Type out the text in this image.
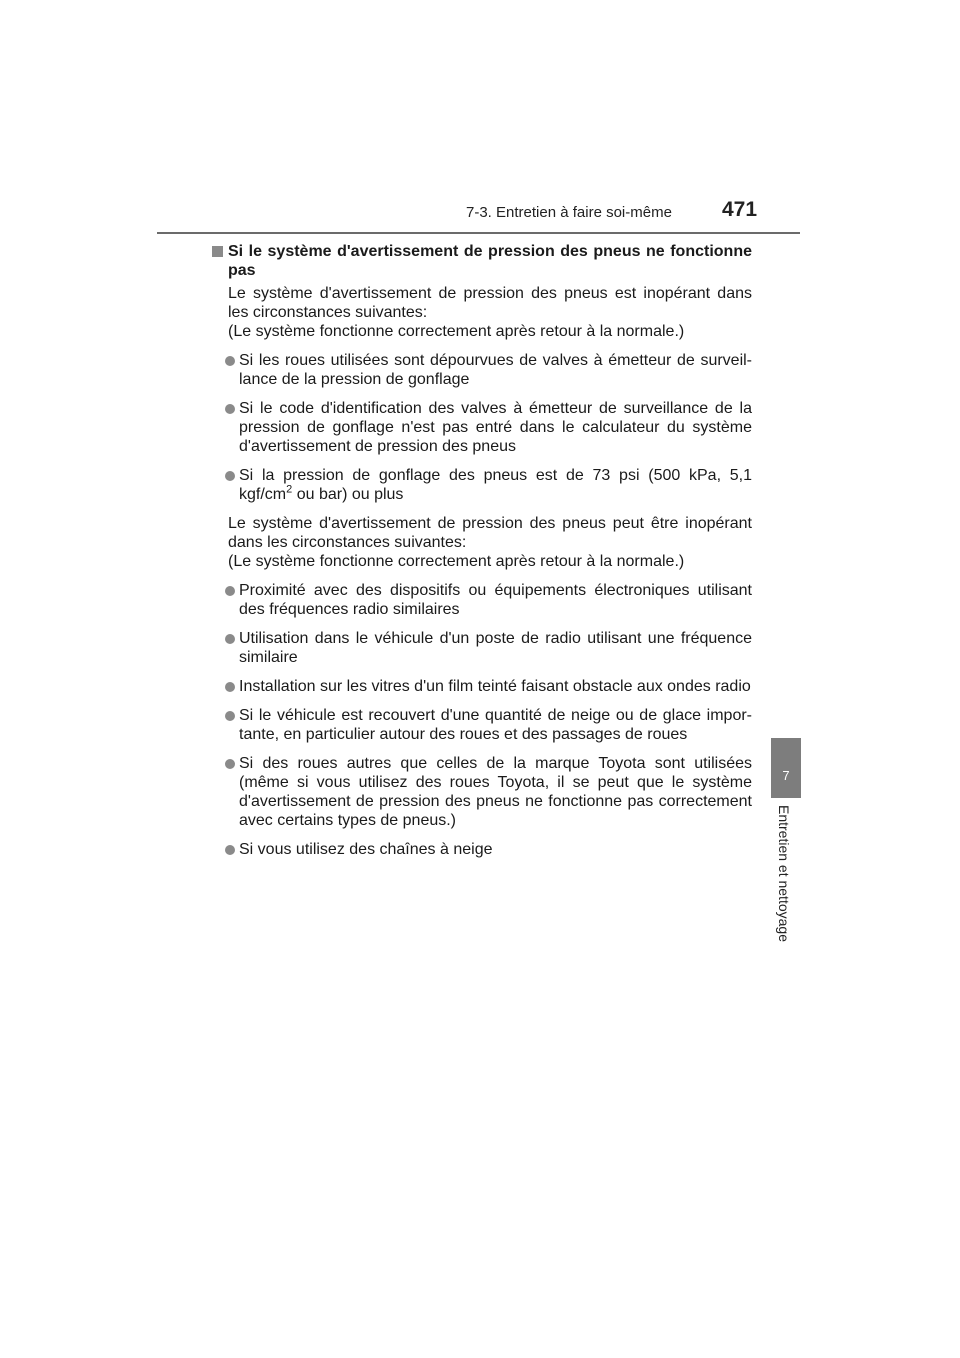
7-3. Entretien à faire soi-même 471
7
Entretien et nettoyage
Si le système d'avertissement de pression des pneus ne fonctionne pas
Le système d'avertissement de pression des pneus est inopérant dans les circonstances suivantes:
(Le système fonctionne correctement après retour à la normale.)
Si les roues utilisées sont dépourvues de valves à émetteur de surveil-lance de la pression de gonflage
Si le code d'identification des valves à émetteur de surveillance de la pression de gonflage n'est pas entré dans le calculateur du système d'avertissement de pression des pneus
Si la pression de gonflage des pneus est de 73 psi (500 kPa, 5,1 kgf/$cm^2$ ou bar) ou plus
Le système d'avertissement de pression des pneus peut être inopérant dans les circonstances suivantes:
(Le système fonctionne correctement après retour à la normale.)
Proximité avec des dispositifs ou équipements électroniques utilisant des fréquences radio similaires
Utilisation dans le véhicule d'un poste de radio utilisant une fréquence similaire
Installation sur les vitres d'un film teinté faisant obstacle aux ondes radio
Si le véhicule est recouvert d'une quantité de neige ou de glace impor-tante, en particulier autour des roues et des passages de roues
Si des roues autres que celles de la marque Toyota sont utilisées (même si vous utilisez des roues Toyota, il se peut que le système d'avertissement de pression des pneus ne fonctionne pas correctement avec certains types de pneus.)
Si vous utilisez des chaînes à neige
